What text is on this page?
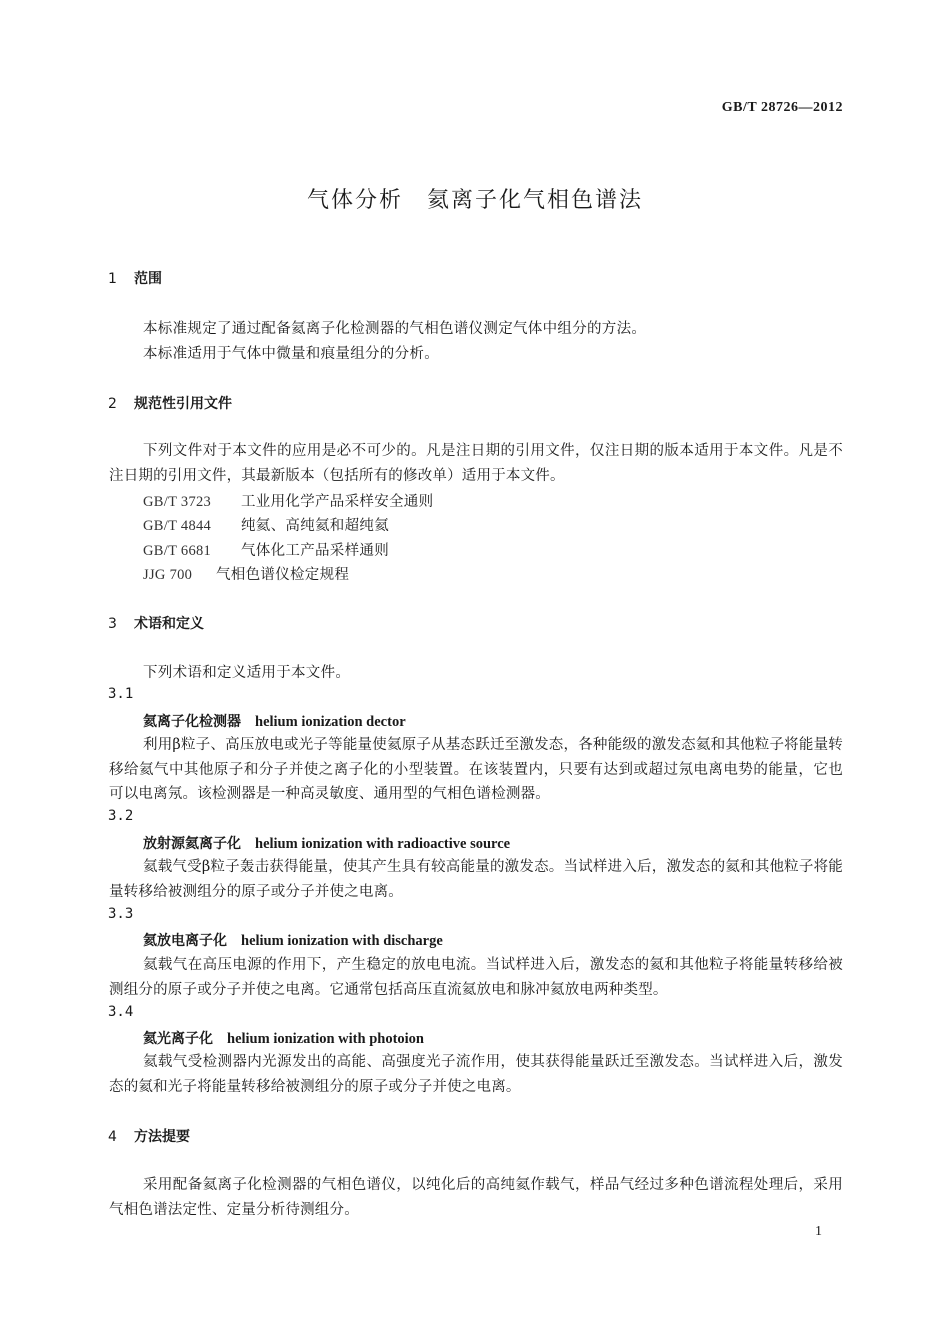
GB/T 28726—2012
气体分析　氦离子化气相色谱法
1 范围
本标准规定了通过配备氦离子化检测器的气相色谱仪测定气体中组分的方法。
本标准适用于气体中微量和痕量组分的分析。
2 规范性引用文件
下列文件对于本文件的应用是必不可少的。凡是注日期的引用文件，仅注日期的版本适用于本文件。凡是不注日期的引用文件，其最新版本（包括所有的修改单）适用于本文件。
GB/T 3723 工业用化学产品采样安全通则
GB/T 4844 纯氦、高纯氦和超纯氦
GB/T 6681 气体化工产品采样通则
JJG 700 气相色谱仪检定规程
3 术语和定义
下列术语和定义适用于本文件。
3.1
氦离子化检测器 helium ionization dector
利用β粒子、高压放电或光子等能量使氦原子从基态跃迁至激发态，各种能级的激发态氦和其他粒子将能量转移给氦气中其他原子和分子并使之离子化的小型装置。在该装置内，只要有达到或超过氖电离电势的能量，它也可以电离氖。该检测器是一种高灵敏度、通用型的气相色谱检测器。
3.2
放射源氦离子化 helium ionization with radioactive source
氦载气受β粒子轰击获得能量，使其产生具有较高能量的激发态。当试样进入后，激发态的氦和其他粒子将能量转移给被测组分的原子或分子并使之电离。
3.3
氦放电离子化 helium ionization with discharge
氦载气在高压电源的作用下，产生稳定的放电电流。当试样进入后，激发态的氦和其他粒子将能量转移给被测组分的原子或分子并使之电离。它通常包括高压直流氦放电和脉冲氦放电两种类型。
3.4
氦光离子化 helium ionization with photoion
氦载气受检测器内光源发出的高能、高强度光子流作用，使其获得能量跃迁至激发态。当试样进入后，激发态的氦和光子将能量转移给被测组分的原子或分子并使之电离。
4 方法提要
采用配备氦离子化检测器的气相色谱仪，以纯化后的高纯氦作载气，样品气经过多种色谱流程处理后，采用气相色谱法定性、定量分析待测组分。
1
